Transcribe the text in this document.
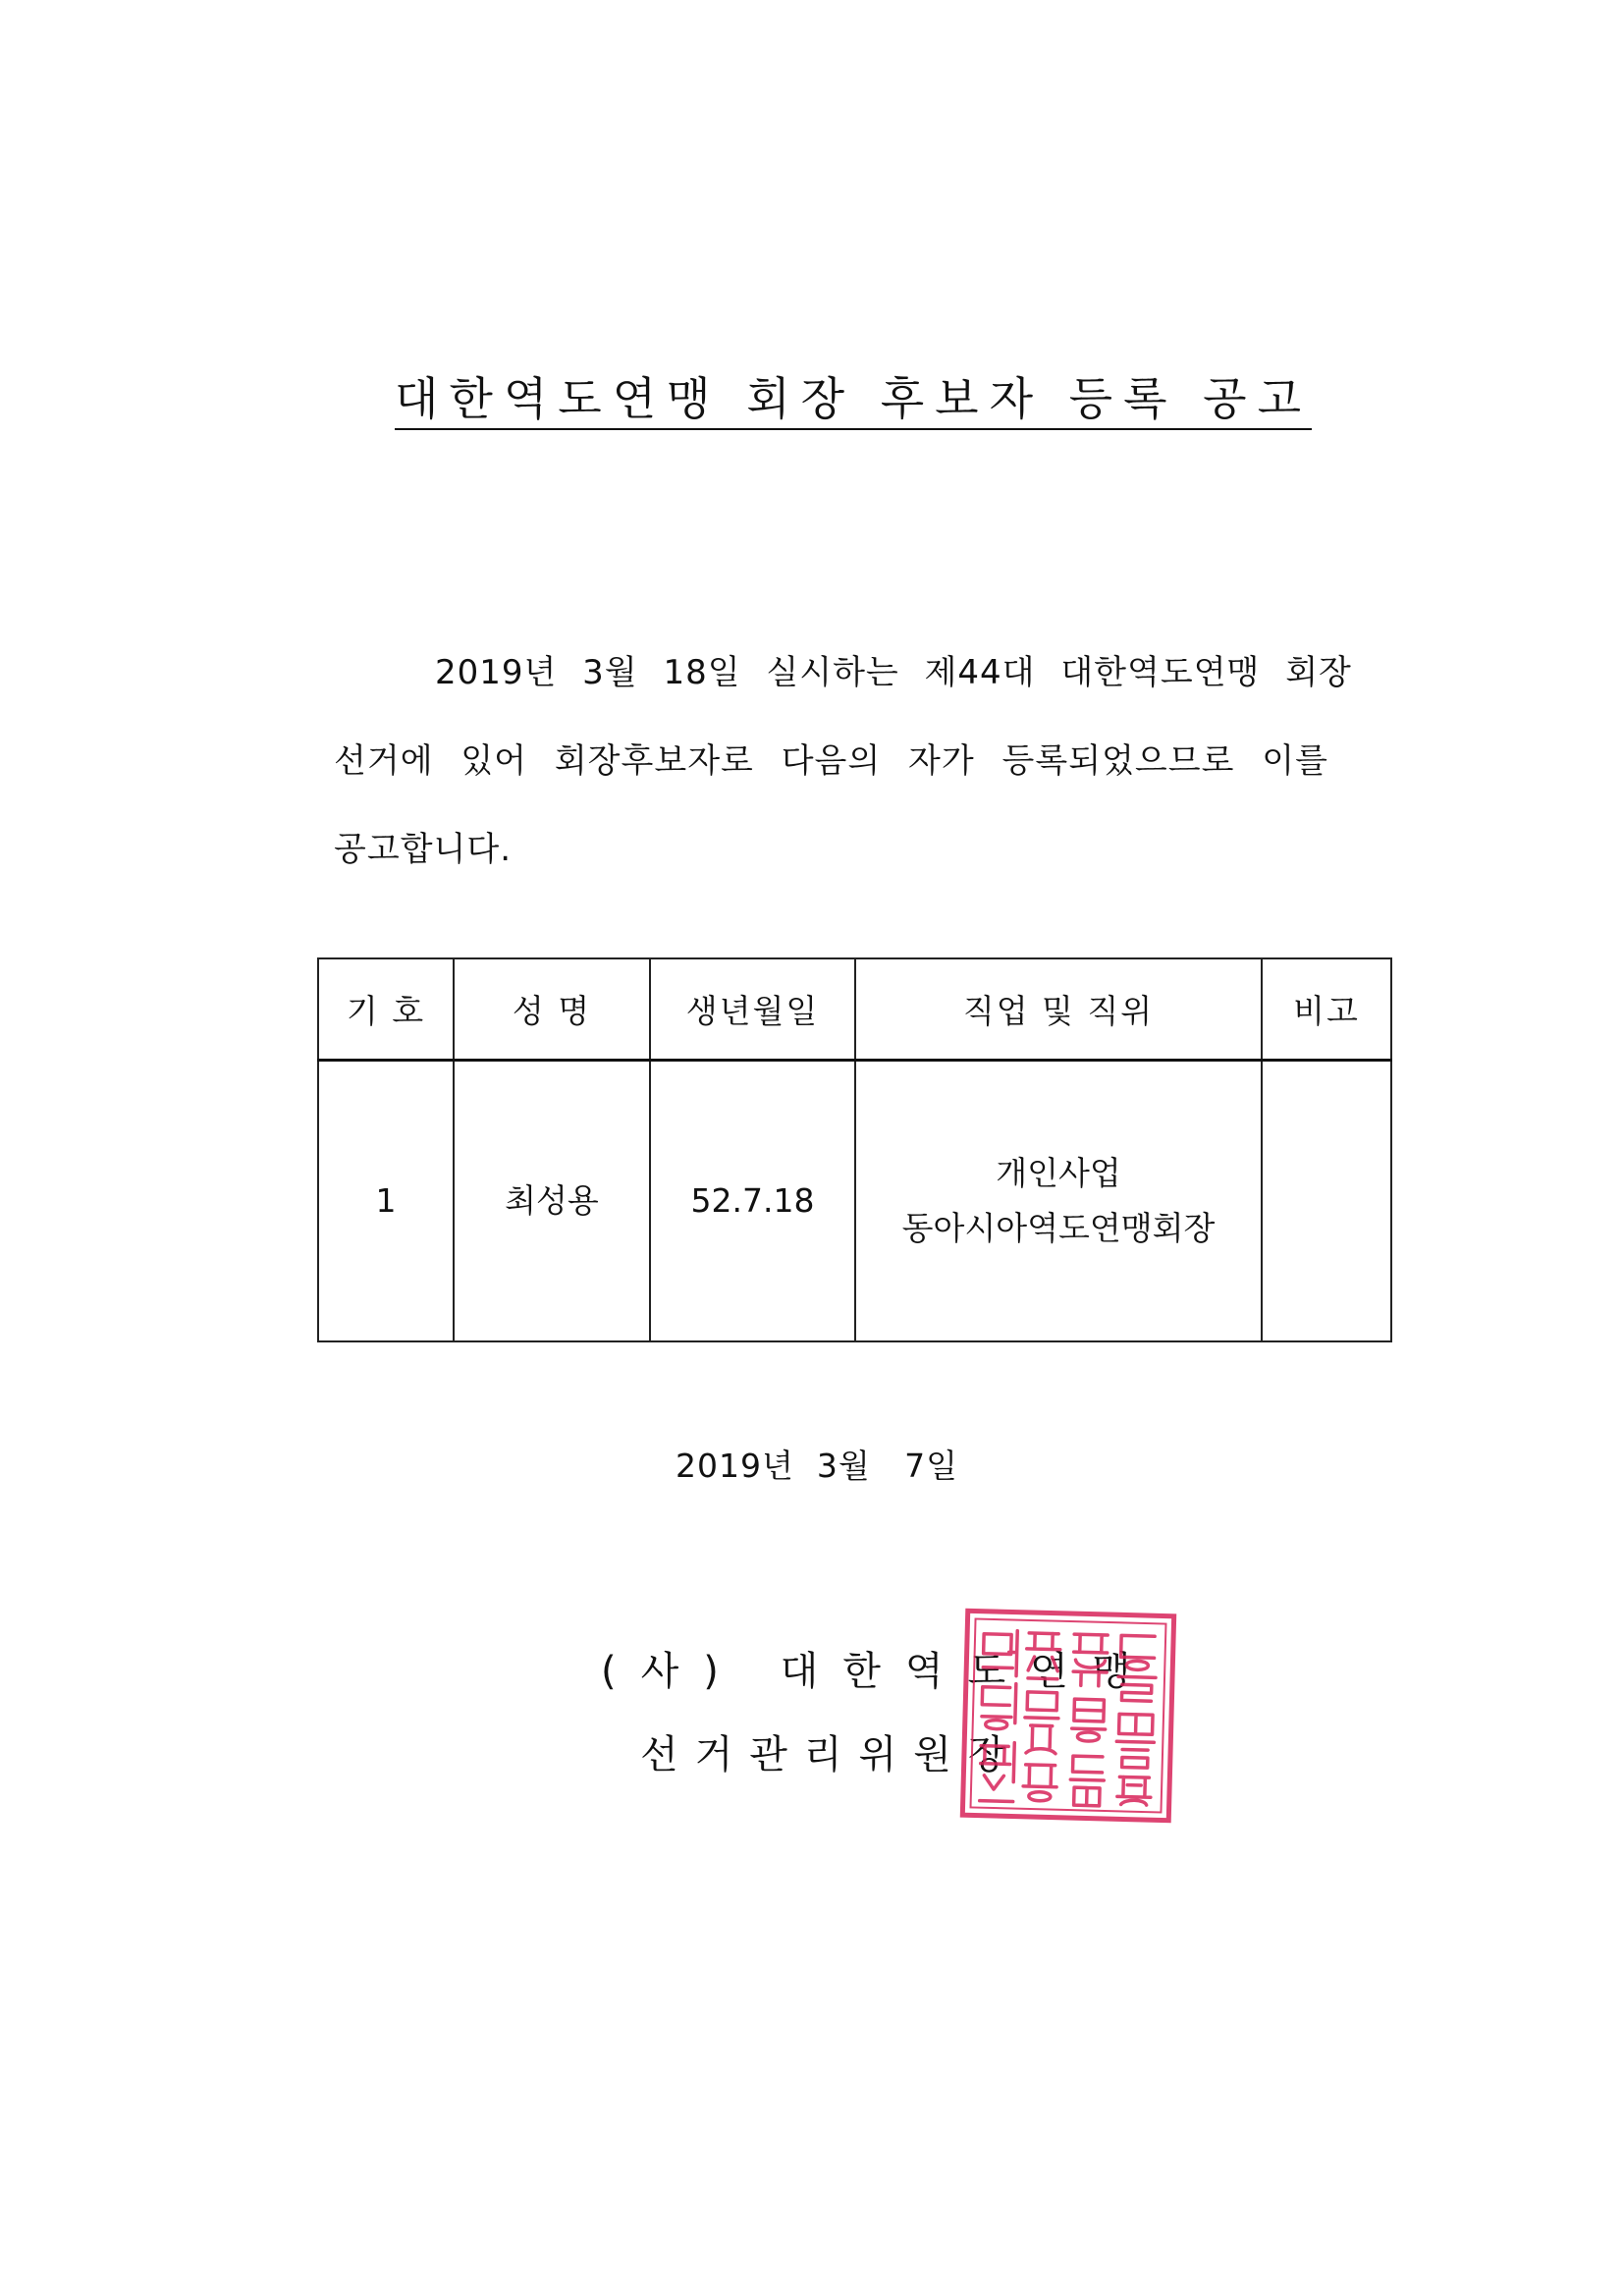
대한역도연맹 회장 후보자 등록 공고

2019년 3월 18일 실시하는 제44대 대한역도연맹 회장

선거에 있어 회장후보자로 다음의 자가 등록되었으므로 이를

공고합니다.

기 호	성 명	생년월일	직업 및 직위	비고
1	최성용	52.7.18	개인사업
동아시아역도연맹회장	

2019년  3월   7일
(사) 대한역도연맹
선거관리위원장
